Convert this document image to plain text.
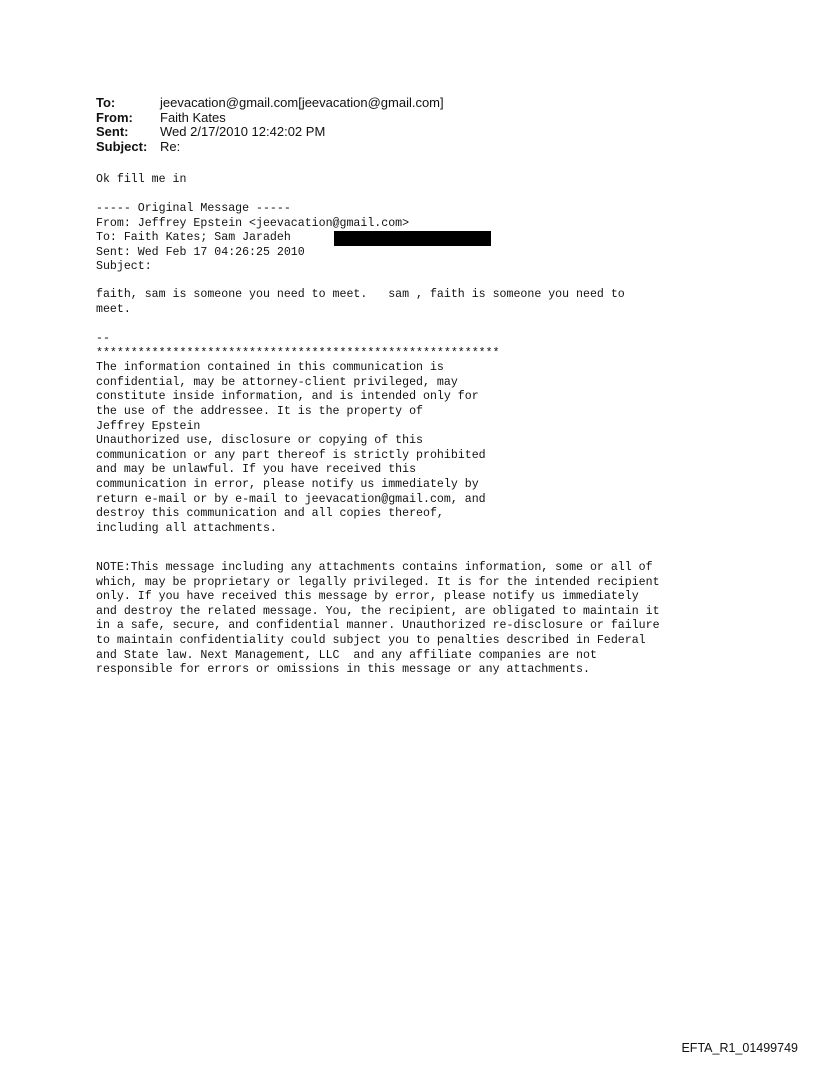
To:	jeevacation@gmail.com[jeevacation@gmail.com]
From:	Faith Kates
Sent:	Wed 2/17/2010 12:42:02 PM
Subject: Re:
Ok fill me in
----- Original Message -----
From: Jeffrey Epstein <jeevacation@gmail.com>
To: Faith Kates; Sam Jaradeh
Sent: Wed Feb 17 04:26:25 2010
Subject:
faith, sam is someone you need to meet.   sam , faith is someone you need to
meet.
--
**********************************************************
The information contained in this communication is
confidential, may be attorney-client privileged, may
constitute inside information, and is intended only for
the use of the addressee. It is the property of
Jeffrey Epstein
Unauthorized use, disclosure or copying of this
communication or any part thereof is strictly prohibited
and may be unlawful. If you have received this
communication in error, please notify us immediately by
return e-mail or by e-mail to jeevacation@gmail.com, and
destroy this communication and all copies thereof,
including all attachments.
NOTE:This message including any attachments contains information, some or all of
which, may be proprietary or legally privileged. It is for the intended recipient
only. If you have received this message by error, please notify us immediately
and destroy the related message. You, the recipient, are obligated to maintain it
in a safe, secure, and confidential manner. Unauthorized re-disclosure or failure
to maintain confidentiality could subject you to penalties described in Federal
and State law. Next Management, LLC  and any affiliate companies are not
responsible for errors or omissions in this message or any attachments.
EFTA_R1_01499749
